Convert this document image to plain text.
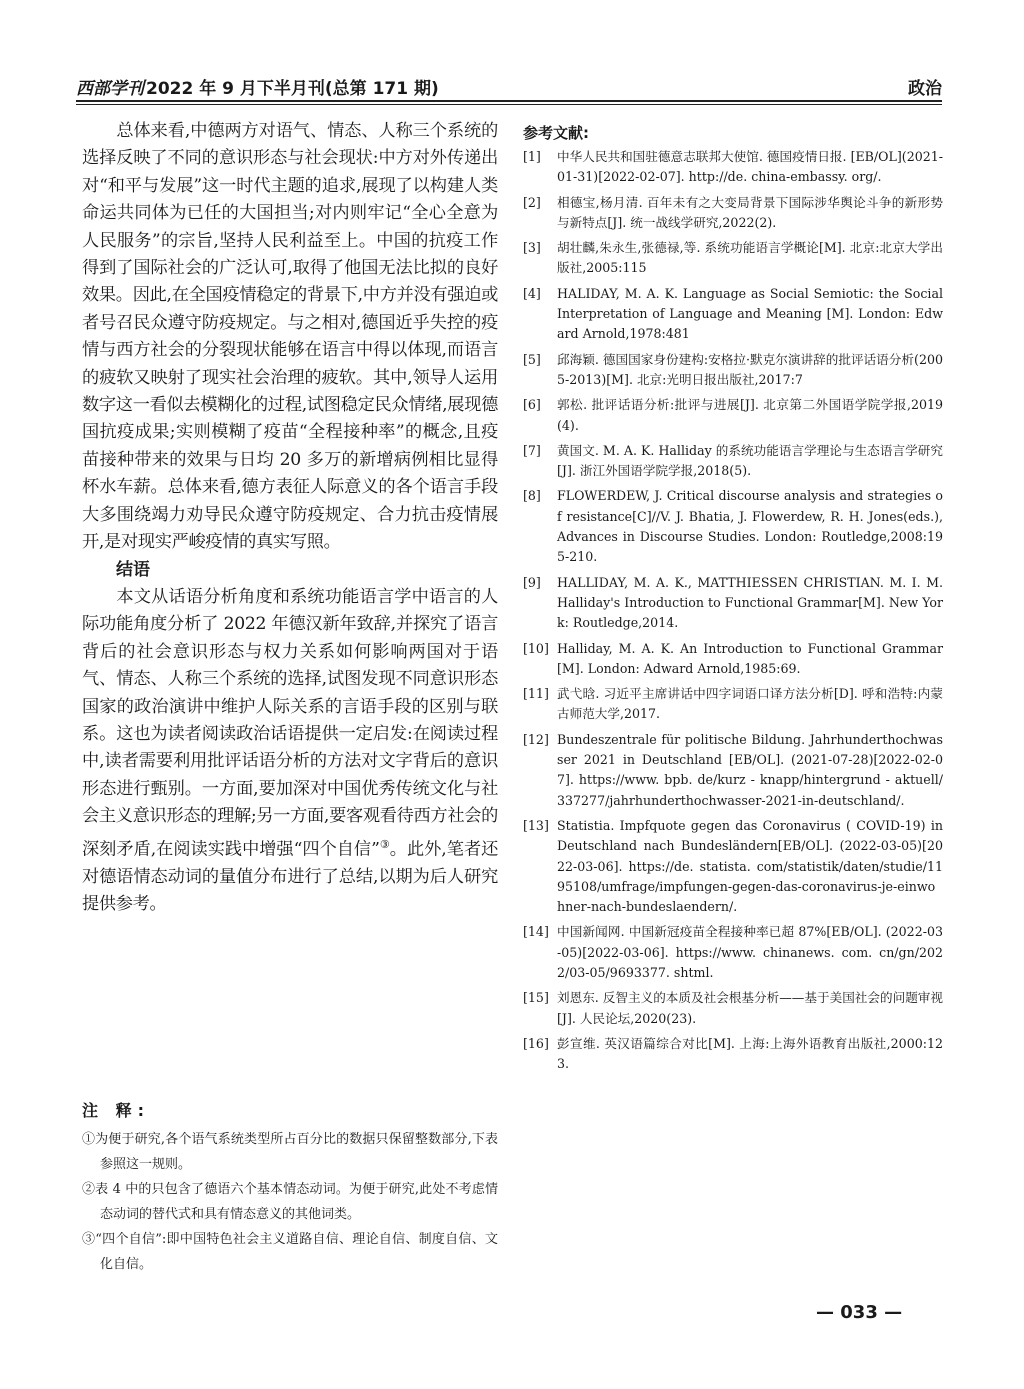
西部学刊 2022 年 9 月下半月刊(总第 171 期)	政治

总体来看,中德两方对语气、情态、人称三个系统的选择反映了不同的意识形态与社会现状:中方对外传递出对“和平与发展”这一时代主题的追求,展现了以构建人类命运共同体为已任的大国担当;对内则牢记“全心全意为人民服务”的宗旨,坚持人民利益至上。中国的抗疫工作得到了国际社会的广泛认可,取得了他国无法比拟的良好效果。因此,在全国疫情稳定的背景下,中方并没有强迫或者号召民众遵守防疫规定。与之相对,德国近乎失控的疫情与西方社会的分裂现状能够在语言中得以体现,而语言的疲软又映射了现实社会治理的疲软。其中,领导人运用数字这一看似去模糊化的过程,试图稳定民众情绪,展现德国抗疫成果;实则模糊了疫苗“全程接种率”的概念,且疫苗接种带来的效果与日均 20 多万的新增病例相比显得杯水车薪。总体来看,德方表征人际意义的各个语言手段大多围绕竭力劝导民众遵守防疫规定、合力抗击疫情展开,是对现实严峻疫情的真实写照。

结语

本文从话语分析角度和系统功能语言学中语言的人际功能角度分析了 2022 年德汉新年致辞,并探究了语言背后的社会意识形态与权力关系如何影响两国对于语气、情态、人称三个系统的选择,试图发现不同意识形态国家的政治演讲中维护人际关系的言语手段的区别与联系。这也为读者阅读政治话语提供一定启发:在阅读过程中,读者需要利用批评话语分析的方法对文字背后的意识形态进行甄别。一方面,要加深对中国优秀传统文化与社会主义意识形态的理解;另一方面,要客观看待西方社会的深刻矛盾,在阅读实践中增强“四个自信”③。此外,笔者还对德语情态动词的量值分布进行了总结,以期为后人研究提供参考。

注 释:

①为便于研究,各个语气系统类型所占百分比的数据只保留整数部分,下表参照这一规则。

②表 4 中的只包含了德语六个基本情态动词。为便于研究,此处不考虑情态动词的替代式和具有情态意义的其他词类。

③“四个自信”:即中国特色社会主义道路自信、理论自信、制度自信、文化自信。

参考文献:

[1] 中华人民共和国驻德意志联邦大使馆. 德国疫情日报. [EB/OL](2021-01-31)[2022-02-07]. http://de. china-embassy. org/.

[2] 相德宝,杨月清. 百年未有之大变局背景下国际涉华舆论斗争的新形势与新特点[J]. 统一战线学研究,2022(2).

[3] 胡壮麟,朱永生,张德禄,等. 系统功能语言学概论[M]. 北京:北京大学出版社,2005:115

[4] HALIDAY, M. A. K. Language as Social Semiotic: the Social Interpretation of Language and Meaning [M]. London: Edward Arnold,1978:481

[5] 邱海颖. 德国国家身份建构:安格拉·默克尔演讲辞的批评话语分析(2005-2013)[M]. 北京:光明日报出版社,2017:7

[6] 郭松. 批评话语分析:批评与进展[J]. 北京第二外国语学院学报,2019(4).

[7] 黄国文. M. A. K. Halliday 的系统功能语言学理论与生态语言学研究[J]. 浙江外国语学院学报,2018(5).

[8] FLOWERDEW, J. Critical discourse analysis and strategies of resistance[C]//V. J. Bhatia, J. Flowerdew, R. H. Jones(eds.), Advances in Discourse Studies. London: Routledge,2008:195-210.

[9] HALLIDAY, M. A. K., MATTHIESSEN CHRISTIAN. M. I. M. Halliday's Introduction to Functional Grammar[M]. New York: Routledge,2014.

[10] Halliday, M. A. K. An Introduction to Functional Grammar [M]. London: Adward Arnold,1985:69.

[11] 武弋晗. 习近平主席讲话中四字词语口译方法分析[D]. 呼和浩特:内蒙古师范大学,2017.

[12] Bundeszentrale für politische Bildung. Jahrhunderthochwasser 2021 in Deutschland [EB/OL]. (2021-07-28)[2022-02-07]. https://www. bpb. de/kurz - knapp/hintergrund - aktuell/337277/jahrhunderthochwasser-2021-in-deutschland/.

[13] Statistia. Impfquote gegen das Coronavirus ( COVID-19) in Deutschland nach Bundesländern[EB/OL]. (2022-03-05)[2022-03-06]. https://de. statista. com/statistik/daten/studie/1195108/umfrage/impfungen-gegen-das-coronavirus-je-einwohner-nach-bundeslaendern/.

[14] 中国新闻网. 中国新冠疫苗全程接种率已超 87%[EB/OL]. (2022-03-05)[2022-03-06]. https://www. chinanews. com. cn/gn/2022/03-05/9693377. shtml.

[15] 刘恩东. 反智主义的本质及社会根基分析——基于美国社会的问题审视[J]. 人民论坛,2020(23).

[16] 彭宣维. 英汉语篇综合对比[M]. 上海:上海外语教育出版社,2000:123.

— 033 —
